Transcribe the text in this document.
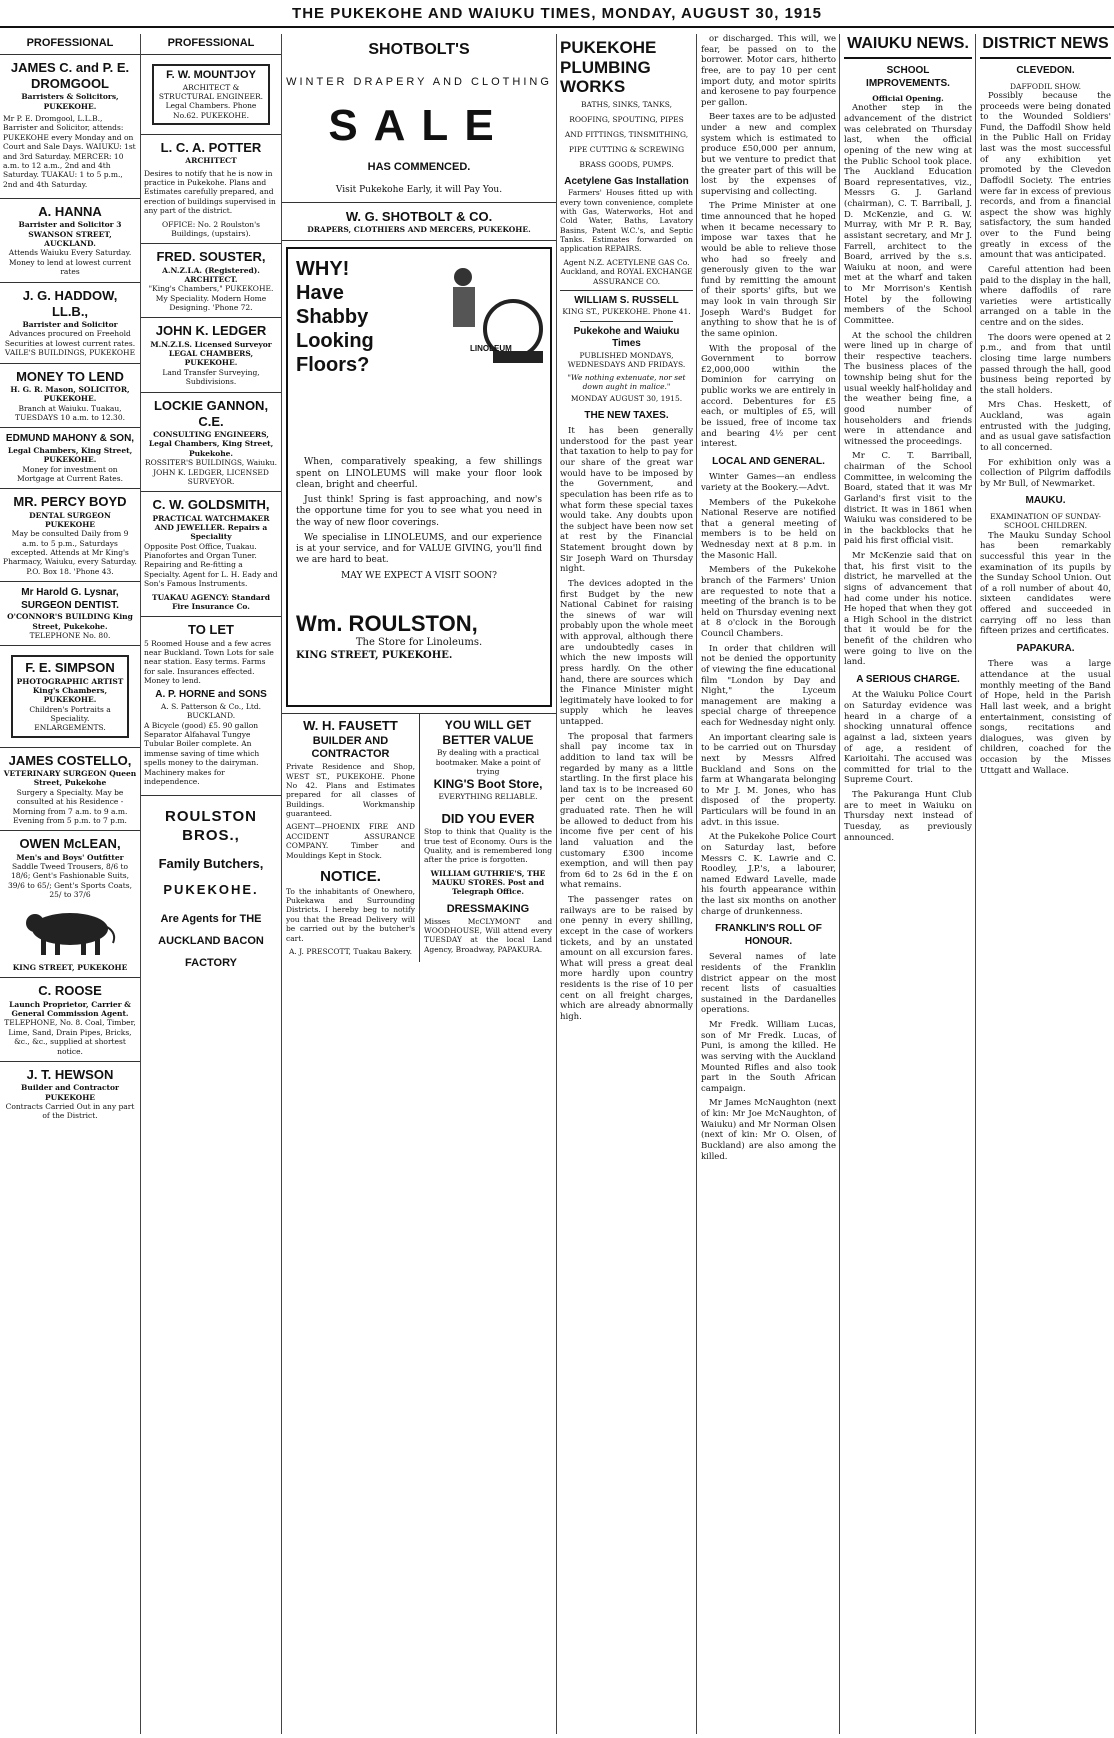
THE PUKEKOHE AND WAIUKU TIMES, MONDAY, AUGUST 30, 1915
PROFESSIONAL
JAMES C. and P. E. DROMGOOL
Barristers & Solicitors, PUKEKOHE.

Mr P. E. Dromgool, L.L.B., Barrister and Solicitor, attends: PUKEKOHE every Monday and on Court and Sale Days. WAIUKU: 1st and 3rd Saturday. MERCER: 10 a.m. to 12 a.m., 2nd and 4th Saturday. TUAKAU: 1 to 5 p.m., 2nd and 4th Saturday.

A. HANNA
Barrister and Solicitor 3 SWANSON STREET, AUCKLAND.
Attends Waiuku Every Saturday. Money to lend at lowest current rates
J. G. HADDOW, LL.B.,
Barrister and Solicitor
Advances procured on Freehold Securities at lowest current rates. VAILE'S BUILDINGS, PUKEKOHE
MONEY TO LEND
H. G. R. Mason, SOLICITOR, PUKEKOHE.
Branch at Waiuku. Tuakau, TUESDAYS 10 a.m. to 12.30.
EDMUND MAHONY & SON,
Legal Chambers, King Street, PUKEKOHE.
Money for investment on Mortgage at Current Rates.
MR. PERCY BOYD
DENTAL SURGEON PUKEKOHE
May be consulted Daily from 9 a.m. to 5 p.m., Saturdays excepted. Attends at Mr King's Pharmacy, Waiuku, every Saturday. P.O. Box 18. 'Phone 43.
Mr Harold G. Lysnar, SURGEON DENTIST.
O'CONNOR'S BUILDING King Street, Pukekohe.
TELEPHONE No. 80.
F. E. SIMPSON
PHOTOGRAPHIC ARTIST King's Chambers, PUKEKOHE.
Children's Portraits a Speciality. ENLARGEMENTS.
JAMES COSTELLO,
VETERINARY SURGEON Queen Street, Pukekohe
Surgery a Specialty. May be consulted at his Residence - Morning from 7 a.m. to 9 a.m. Evening from 5 p.m. to 7 p.m.
OWEN McLEAN,
Men's and Boys' Outfitter
Saddle Tweed Trousers, 8/6 to 18/6; Gent's Fashionable Suits, 39/6 to 65/; Gent's Sports Coats, 25/ to 37/6
KING STREET, PUKEKOHE
C. ROOSE
Launch Proprietor, Carrier & General Commission Agent.
TELEPHONE, No. 8. Coal, Timber, Lime, Sand, Drain Pipes, Bricks, &c., &c., supplied at shortest notice.
J. T. HEWSON
Builder and Contractor PUKEKOHE
Contracts Carried Out in any part of the District.
PROFESSIONAL
F. W. MOUNTJOY
ARCHITECT & STRUCTURAL ENGINEER. Legal Chambers. Phone No.62. PUKEKOHE.
L. C. A. POTTER
ARCHITECT

Desires to notify that he is now in practice in Pukekohe. Plans and Estimates carefully prepared, and erection of buildings supervised in any part of the district.

OFFICE: No. 2 Roulston's Buildings, (upstairs).
FRED. SOUSTER,
A.N.Z.I.A. (Registered). ARCHITECT.
"King's Chambers," PUKEKOHE. My Speciality. Modern Home Designing. 'Phone 72.
JOHN K. LEDGER
M.N.Z.I.S. Licensed Surveyor LEGAL CHAMBERS, PUKEKOHE.
Land Transfer Surveying, Subdivisions.
LOCKIE GANNON, C.E.
CONSULTING ENGINEERS, Legal Chambers, King Street, Pukekohe.
ROSSITER'S BUILDINGS, Waiuku. JOHN K. LEDGER, LICENSED SURVEYOR.
C. W. GOLDSMITH,
PRACTICAL WATCHMAKER AND JEWELLER. Repairs a Speciality

Opposite Post Office, Tuakau. Pianofortes and Organ Tuner. Repairing and Re-fitting a Specialty. Agent for L. H. Eady and Son's Famous Instruments.

TUAKAU AGENCY: Standard Fire Insurance Co.
TO LET

5 Roomed House and a few acres near Buckland. Town Lots for sale near station. Easy terms. Farms for sale. Insurances effected. Money to lend.

A. P. HORNE and SONS
A. S. Patterson & Co., Ltd. BUCKLAND.

A Bicycle (good) £5. 90 gallon Separator Alfahaval Tungye Tubular Boiler complete. An immense saving of time which spells money to the dairyman. Machinery makes for independence.

ROULSTON BROS.,
Family Butchers,
PUKEKOHE.
Are Agents for THE AUCKLAND BACON FACTORY
SHOTBOLT'S
WINTER DRAPERY AND CLOTHING
SALE
HAS COMMENCED.
Visit Pukekohe Early, it will Pay You.
W. G. SHOTBOLT & CO.
DRAPERS, CLOTHIERS AND MERCERS, PUKEKOHE.
WHY! Have Shabby Looking Floors?
LINOLEUM

When, comparatively speaking, a few shillings spent on LINOLEUMS will make your floor look clean, bright and cheerful.

Just think! Spring is fast approaching, and now's the opportune time for you to see what you need in the way of new floor coverings.

We specialise in LINOLEUMS, and our experience is at your service, and for VALUE GIVING, you'll find we are hard to beat.

MAY WE EXPECT A VISIT SOON?
Wm. ROULSTON,
The Store for Linoleums.
KING STREET, PUKEKOHE.
W. H. FAUSETT
BUILDER AND CONTRACTOR

Private Residence and Shop, WEST ST., PUKEKOHE. Phone No 42. Plans and Estimates prepared for all classes of Buildings. Workmanship guaranteed.

AGENT—PHOENIX FIRE AND ACCIDENT ASSURANCE COMPANY. Timber and Mouldings Kept in Stock.

NOTICE.

To the inhabitants of Onewhero, Pukekawa and Surrounding Districts. I hereby beg to notify you that the Bread Delivery will be carried out by the butcher's cart.

A. J. PRESCOTT, Tuakau Bakery.
YOU WILL GET BETTER VALUE
By dealing with a practical bootmaker. Make a point of trying
KING'S Boot Store,
EVERYTHING RELIABLE.
DID YOU EVER

Stop to think that Quality is the true test of Economy. Ours is the Quality, and is remembered long after the price is forgotten.

WILLIAM GUTHRIE'S, THE MAUKU STORES. Post and Telegraph Office.
DRESSMAKING

Misses McCLYMONT and WOODHOUSE, Will attend every TUESDAY at the local Land Agency, Broadway, PAPAKURA.

PUKEKOHE PLUMBING WORKS

BATHS, SINKS, TANKS, ROOFING, SPOUTING, PIPES AND FITTINGS, TINSMITHING, PIPE CUTTING & SCREWING BRASS GOODS, PUMPS.

Acetylene Gas Installation

Farmers' Houses fitted up with every town convenience, complete with Gas, Waterworks, Hot and Cold Water, Baths, Lavatory Basins, Patent W.C.'s, and Septic Tanks. Estimates forwarded on application REPAIRS.

Agent N.Z. ACETYLENE GAS Co. Auckland, and ROYAL EXCHANGE ASSURANCE CO.

WILLIAM S. RUSSELL
KING ST., PUKEKOHE. Phone 41.
Pukekohe and Waiuku Times
PUBLISHED MONDAYS, WEDNESDAYS AND FRIDAYS.
"We nothing extenuate, nor set down aught in malice."
MONDAY AUGUST 30, 1915.
THE NEW TAXES.

It has been generally understood for the past year that taxation to help to pay for our share of the great war would have to be imposed by the Government, and speculation has been rife as to what form these special taxes would take. Any doubts upon the subject have been now set at rest by the Financial Statement brought down by Sir Joseph Ward on Thursday night.

The devices adopted in the first Budget by the new National Cabinet for raising the sinews of war will probably upon the whole meet with approval, although there are undoubtedly cases in which the new imposts will press hardly. On the other hand, there are sources which the Finance Minister might legitimately have looked to for supply which he leaves untapped.

The proposal that farmers shall pay income tax in addition to land tax will be regarded by many as a little startling. In the first place his land tax is to be increased 60 per cent on the present graduated rate. Then he will be allowed to deduct from his income five per cent of his land valuation and the customary £300 income exemption, and will then pay from 6d to 2s 6d in the £ on what remains.

The passenger rates on railways are to be raised by one penny in every shilling, except in the case of workers tickets, and by an unstated amount on all excursion fares. What will press a great deal more hardly upon country residents is the rise of 10 per cent on all freight charges, which are already abnormally high.

or discharged. This will, we fear, be passed on to the borrower. Motor cars, hitherto free, are to pay 10 per cent import duty, and motor spirits and kerosene to pay fourpence per gallon.

Beer taxes are to be adjusted under a new and complex system which is estimated to produce £50,000 per annum, but we venture to predict that the greater part of this will be lost by the expenses of supervising and collecting.

The Prime Minister at one time announced that he hoped when it became necessary to impose war taxes that he would be able to relieve those who had so freely and generously given to the war fund by remitting the amount of their sports' gifts, but we may look in vain through Sir Joseph Ward's Budget for anything to show that he is of the same opinion.

With the proposal of the Government to borrow £2,000,000 within the Dominion for carrying on public works we are entirely in accord. Debentures for £5 each, or multiples of £5, will be issued, free of income tax and bearing 4½ per cent interest.

LOCAL AND GENERAL.

Winter Games—an endless variety at the Bookery.—Advt.

Members of the Pukekohe National Reserve are notified that a general meeting of members is to be held on Wednesday next at 8 p.m. in the Masonic Hall.

Members of the Pukekohe branch of the Farmers' Union are requested to note that a meeting of the branch is to be held on Thursday evening next at 8 o'clock in the Borough Council Chambers.

In order that children will not be denied the opportunity of viewing the fine educational film "London by Day and Night," the Lyceum management are making a special charge of threepence each for Wednesday night only.

An important clearing sale is to be carried out on Thursday next by Messrs Alfred Buckland and Sons on the farm at Whangarata belonging to Mr J. M. Jones, who has disposed of the property. Particulars will be found in an advt. in this issue.

At the Pukekohe Police Court on Saturday last, before Messrs C. K. Lawrie and C. Roodley, J.P.'s, a labourer, named Edward Lavelle, made his fourth appearance within the last six months on another charge of drunkenness.

FRANKLIN'S ROLL OF HONOUR.

Several names of late residents of the Franklin district appear on the most recent lists of casualties sustained in the Dardanelles operations.

Mr Fredk. William Lucas, son of Mr Fredk. Lucas, of Puni, is among the killed. He was serving with the Auckland Mounted Rifles and also took part in the South African campaign.

Mr James McNaughton (next of kin: Mr Joe McNaughton, of Waiuku) and Mr Norman Olsen (next of kin: Mr O. Olsen, of Buckland) are also among the killed.

WAIUKU NEWS.
SCHOOL IMPROVEMENTS.
Official Opening.

Another step in the advancement of the district was celebrated on Thursday last, when the official opening of the new wing at the Public School took place. The Auckland Education Board representatives, viz., Messrs G. J. Garland (chairman), C. T. Barriball, J. D. McKenzie, and G. W. Murray, with Mr P. R. Bay, assistant secretary, and Mr J. Farrell, architect to the Board, arrived by the s.s. Waiuku at noon, and were met at the wharf and taken to Mr Morrison's Kentish Hotel by the following members of the School Committee.

At the school the children were lined up in charge of their respective teachers. The business places of the township being shut for the usual weekly half-holiday and the weather being fine, a good number of householders and friends were in attendance and witnessed the proceedings.

Mr C. T. Barriball, chairman of the School Committee, in welcoming the Board, stated that it was Mr Garland's first visit to the district. It was in 1861 when Waiuku was considered to be in the backblocks that he paid his first official visit.

Mr McKenzie said that on that, his first visit to the district, he marvelled at the signs of advancement that had come under his notice. He hoped that when they got a High School in the district that it would be for the benefit of the children who were going to live on the land.

A SERIOUS CHARGE.

At the Waiuku Police Court on Saturday evidence was heard in a charge of a shocking unnatural offence against a lad, sixteen years of age, a resident of Karioitahi. The accused was committed for trial to the Supreme Court.

The Pakuranga Hunt Club are to meet in Waiuku on Thursday next instead of Tuesday, as previously announced.

DISTRICT NEWS
CLEVEDON.
DAFFODIL SHOW.

Possibly because the proceeds were being donated to the Wounded Soldiers' Fund, the Daffodil Show held in the Public Hall on Friday last was the most successful of any exhibition yet promoted by the Clevedon Daffodil Society. The entries were far in excess of previous records, and from a financial aspect the show was highly satisfactory, the sum handed over to the Fund being greatly in excess of the amount that was anticipated.

Careful attention had been paid to the display in the hall, where daffodils of rare varieties were artistically arranged on a table in the centre and on the sides.

The doors were opened at 2 p.m., and from that until closing time large numbers passed through the hall, good business being reported by the stall holders.

Mrs Chas. Heskett, of Auckland, was again entrusted with the judging, and as usual gave satisfaction to all concerned.

For exhibition only was a collection of Pilgrim daffodils by Mr Bull, of Newmarket.

MAUKU.
EXAMINATION OF SUNDAY-SCHOOL CHILDREN.

The Mauku Sunday School has been remarkably successful this year in the examination of its pupils by the Sunday School Union. Out of a roll number of about 40, sixteen candidates were offered and succeeded in carrying off no less than fifteen prizes and certificates.

PAPAKURA.

There was a large attendance at the usual monthly meeting of the Band of Hope, held in the Parish Hall last week, and a bright entertainment, consisting of songs, recitations and dialogues, was given by children, coached for the occasion by the Misses Uttgatt and Wallace.
